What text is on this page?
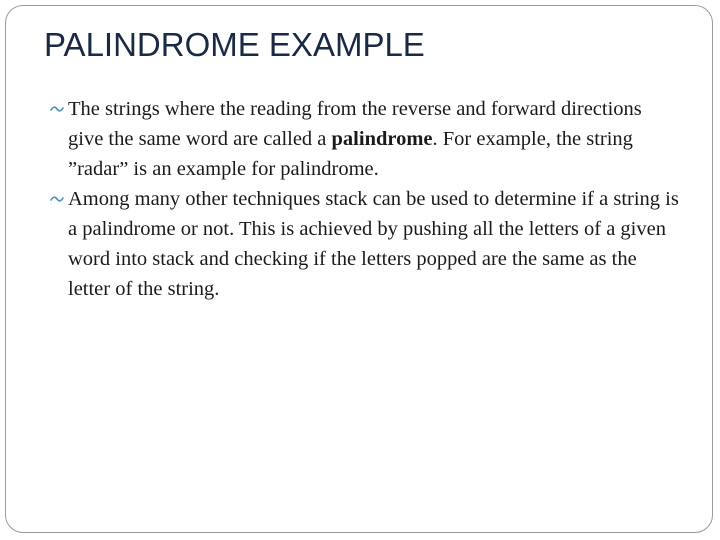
PALINDROME EXAMPLE
The strings where the reading from the reverse and forward directions give the same word are called a palindrome. For example, the string ”radar” is an example for palindrome.
Among many other techniques stack can be used to determine if a string is a palindrome or not. This is achieved by pushing all the letters of a given word into stack and checking if the letters popped are the same as the letter of the string.
